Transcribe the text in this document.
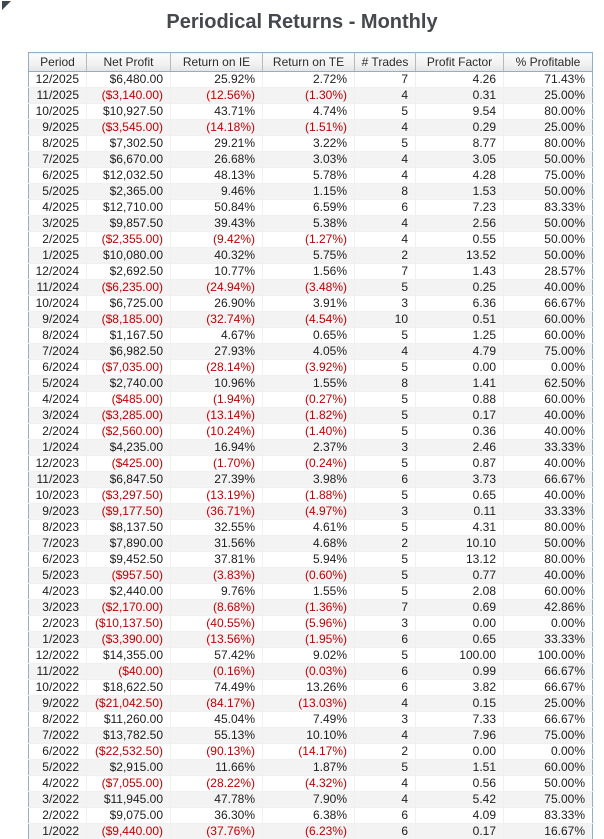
Periodical Returns - Monthly
Period	Net Profit	Return on IE	Return on TE	# Trades	Profit Factor	% Profitable
12/2025	$6,480.00	25.92%	2.72%	7	4.26	71.43%
11/2025	($3,140.00)	(12.56%)	(1.30%)	4	0.31	25.00%
10/2025	$10,927.50	43.71%	4.74%	5	9.54	80.00%
9/2025	($3,545.00)	(14.18%)	(1.51%)	4	0.29	25.00%
8/2025	$7,302.50	29.21%	3.22%	5	8.77	80.00%
7/2025	$6,670.00	26.68%	3.03%	4	3.05	50.00%
6/2025	$12,032.50	48.13%	5.78%	4	4.28	75.00%
5/2025	$2,365.00	9.46%	1.15%	8	1.53	50.00%
4/2025	$12,710.00	50.84%	6.59%	6	7.23	83.33%
3/2025	$9,857.50	39.43%	5.38%	4	2.56	50.00%
2/2025	($2,355.00)	(9.42%)	(1.27%)	4	0.55	50.00%
1/2025	$10,080.00	40.32%	5.75%	2	13.52	50.00%
12/2024	$2,692.50	10.77%	1.56%	7	1.43	28.57%
11/2024	($6,235.00)	(24.94%)	(3.48%)	5	0.25	40.00%
10/2024	$6,725.00	26.90%	3.91%	3	6.36	66.67%
9/2024	($8,185.00)	(32.74%)	(4.54%)	10	0.51	60.00%
8/2024	$1,167.50	4.67%	0.65%	5	1.25	60.00%
7/2024	$6,982.50	27.93%	4.05%	4	4.79	75.00%
6/2024	($7,035.00)	(28.14%)	(3.92%)	5	0.00	0.00%
5/2024	$2,740.00	10.96%	1.55%	8	1.41	62.50%
4/2024	($485.00)	(1.94%)	(0.27%)	5	0.88	60.00%
3/2024	($3,285.00)	(13.14%)	(1.82%)	5	0.17	40.00%
2/2024	($2,560.00)	(10.24%)	(1.40%)	5	0.36	40.00%
1/2024	$4,235.00	16.94%	2.37%	3	2.46	33.33%
12/2023	($425.00)	(1.70%)	(0.24%)	5	0.87	40.00%
11/2023	$6,847.50	27.39%	3.98%	6	3.73	66.67%
10/2023	($3,297.50)	(13.19%)	(1.88%)	5	0.65	40.00%
9/2023	($9,177.50)	(36.71%)	(4.97%)	3	0.11	33.33%
8/2023	$8,137.50	32.55%	4.61%	5	4.31	80.00%
7/2023	$7,890.00	31.56%	4.68%	2	10.10	50.00%
6/2023	$9,452.50	37.81%	5.94%	5	13.12	80.00%
5/2023	($957.50)	(3.83%)	(0.60%)	5	0.77	40.00%
4/2023	$2,440.00	9.76%	1.55%	5	2.08	60.00%
3/2023	($2,170.00)	(8.68%)	(1.36%)	7	0.69	42.86%
2/2023	($10,137.50)	(40.55%)	(5.96%)	3	0.00	0.00%
1/2023	($3,390.00)	(13.56%)	(1.95%)	6	0.65	33.33%
12/2022	$14,355.00	57.42%	9.02%	5	100.00	100.00%
11/2022	($40.00)	(0.16%)	(0.03%)	6	0.99	66.67%
10/2022	$18,622.50	74.49%	13.26%	6	3.82	66.67%
9/2022	($21,042.50)	(84.17%)	(13.03%)	4	0.15	25.00%
8/2022	$11,260.00	45.04%	7.49%	3	7.33	66.67%
7/2022	$13,782.50	55.13%	10.10%	4	7.96	75.00%
6/2022	($22,532.50)	(90.13%)	(14.17%)	2	0.00	0.00%
5/2022	$2,915.00	11.66%	1.87%	5	1.51	60.00%
4/2022	($7,055.00)	(28.22%)	(4.32%)	4	0.56	50.00%
3/2022	$11,945.00	47.78%	7.90%	4	5.42	75.00%
2/2022	$9,075.00	36.30%	6.38%	6	4.09	83.33%
1/2022	($9,440.00)	(37.76%)	(6.23%)	6	0.17	16.67%
